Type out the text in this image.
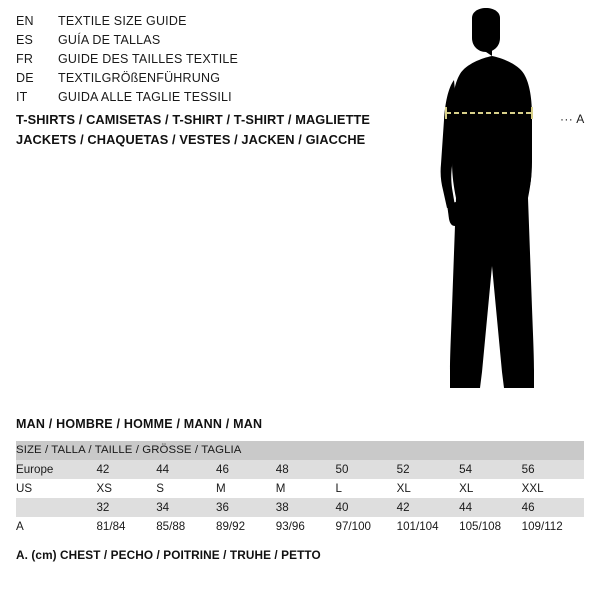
EN	TEXTILE SIZE GUIDE
ES	GUÍA DE TALLAS
FR	GUIDE DES TAILLES TEXTILE
DE	TEXTILGRÖßENFÜHRUNG
IT	GUIDA ALLE TAGLIE TESSILI
T-SHIRTS / CAMISETAS / T-SHIRT / T-SHIRT / MAGLIETTE
JACKETS / CHAQUETAS / VESTES / JACKEN / GIACCHE
··· A
MAN / HOMBRE / HOMME / MANN / MAN
SIZE / TALLA / TAILLE / GRÖSSE / TAGLIA								
Europe	42	44	46	48	50	52	54	56
US	XS	S	M	M	L	XL	XL	XXL
	32	34	36	38	40	42	44	46
A	81/84	85/88	89/92	93/96	97/100	101/104	105/108	109/112
A. (cm) CHEST / PECHO / POITRINE / TRUHE / PETTO
